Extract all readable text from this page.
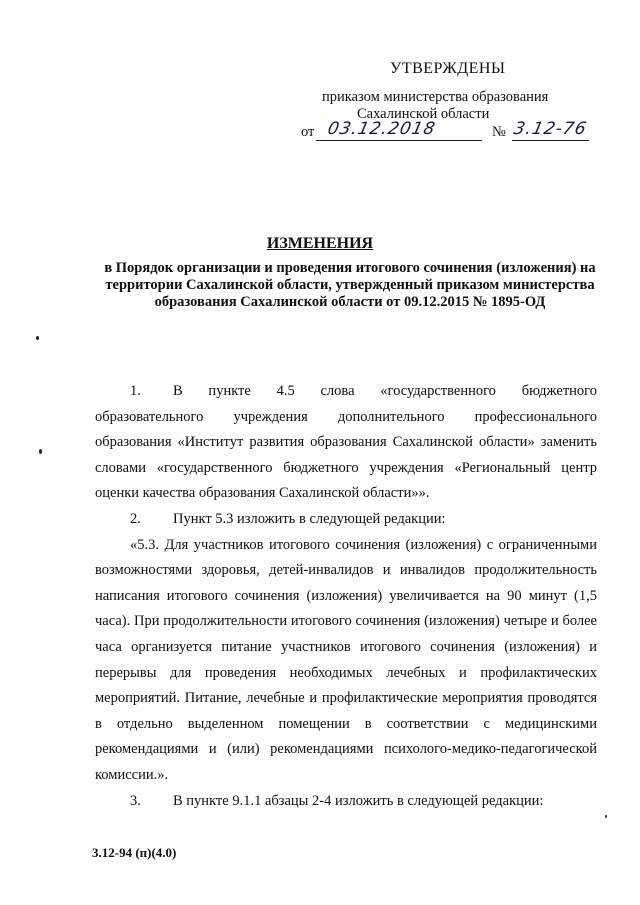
УТВЕРЖДЕНЫ
приказом министерства образования
Сахалинской области
от 03.12.2018	№ 3.12-76
ИЗМЕНЕНИЯ
в Порядок организации и проведения итогового сочинения (изложения) на территории Сахалинской области, утвержденный приказом министерства образования Сахалинской области от 09.12.2015 № 1895-ОД

1. В пункте 4.5 слова «государственного бюджетного образовательного учреждения дополнительного профессионального образования «Институт развития образования Сахалинской области» заменить словами «государственного бюджетного учреждения «Региональный центр оценки качества образования Сахалинской области»».

2. Пункт 5.3 изложить в следующей редакции:

«5.3. Для участников итогового сочинения (изложения) с ограниченными возможностями здоровья, детей-инвалидов и инвалидов продолжительность написания итогового сочинения (изложения) увеличивается на 90 минут (1,5 часа). При продолжительности итогового сочинения (изложения) четыре и более часа организуется питание участников итогового сочинения (изложения) и перерывы для проведения необходимых лечебных и профилактических мероприятий. Питание, лечебные и профилактические мероприятия проводятся в отдельно выделенном помещении в соответствии с медицинскими рекомендациями и (или) рекомендациями психолого-медико-педагогической комиссии.».

3. В пункте 9.1.1 абзацы 2-4 изложить в следующей редакции:

3.12-94 (п)(4.0)
